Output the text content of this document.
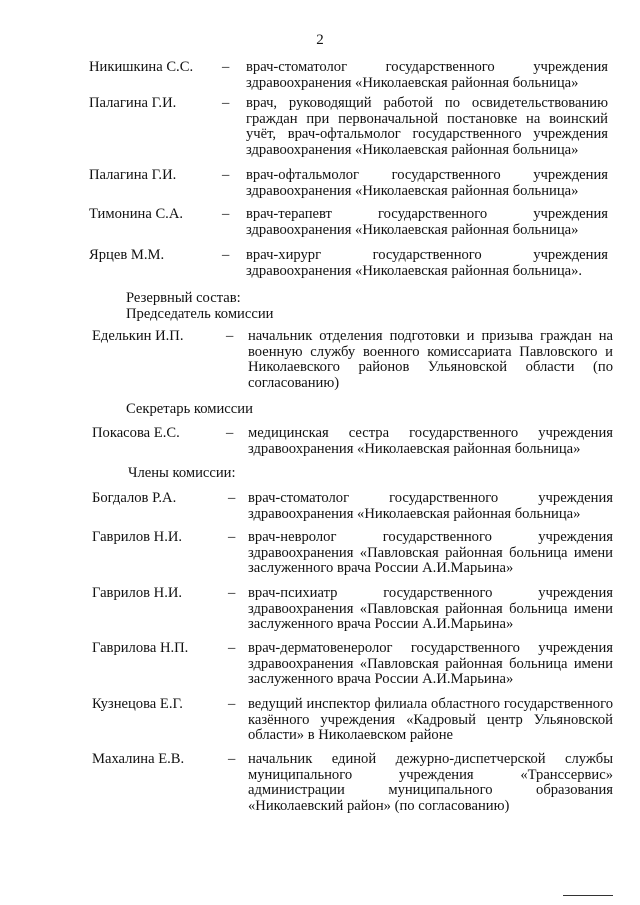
2
Никишкина С.С. – врач-стоматолог государственного учреждения здравоохранения «Николаевская районная больница»
Палагина Г.И.	– врач, руководящий работой по освидетельствованию граждан при первоначальной постановке на воинский учёт, врач-офтальмолог государственного учреждения здравоохранения «Николаевская районная больница»
Палагина Г.И.	– врач-офтальмолог государственного учреждения здравоохранения «Николаевская районная больница»
Тимонина С.А.	– врач-терапевт государственного учреждения здравоохранения «Николаевская районная больница»
Ярцев М.М.	– врач-хирург государственного учреждения здравоохранения «Николаевская районная больница».
Резервный состав:
Председатель комиссии
Еделькин И.П.	– начальник отделения подготовки и призыва граждан на военную службу военного комиссариата Павловского и Николаевского районов Ульяновской области (по согласованию)
Секретарь комиссии
Покасова Е.С.	– медицинская сестра государственного учреждения здравоохранения «Николаевская районная больница»
Члены комиссии:
Богдалов Р.А.	– врач-стоматолог государственного учреждения здравоохранения «Николаевская районная больница»
Гаврилов Н.И.	– врач-невролог государственного учреждения здравоохранения «Павловская районная больница имени заслуженного врача России А.И.Марьина»
Гаврилов Н.И.	– врач-психиатр государственного учреждения здравоохранения «Павловская районная больница имени заслуженного врача России А.И.Марьина»
Гаврилова Н.П.	– врач-дерматовенеролог государственного учреждения здравоохранения «Павловская районная больница имени заслуженного врача России А.И.Марьина»
Кузнецова Е.Г.	– ведущий инспектор филиала областного государственного казённого учреждения «Кадровый центр Ульяновской области» в Николаевском районе
Махалина Е.В.	– начальник единой дежурно-диспетчерской службы муниципального учреждения «Транссервис» администрации муниципального образования «Николаевский район» (по согласованию)
